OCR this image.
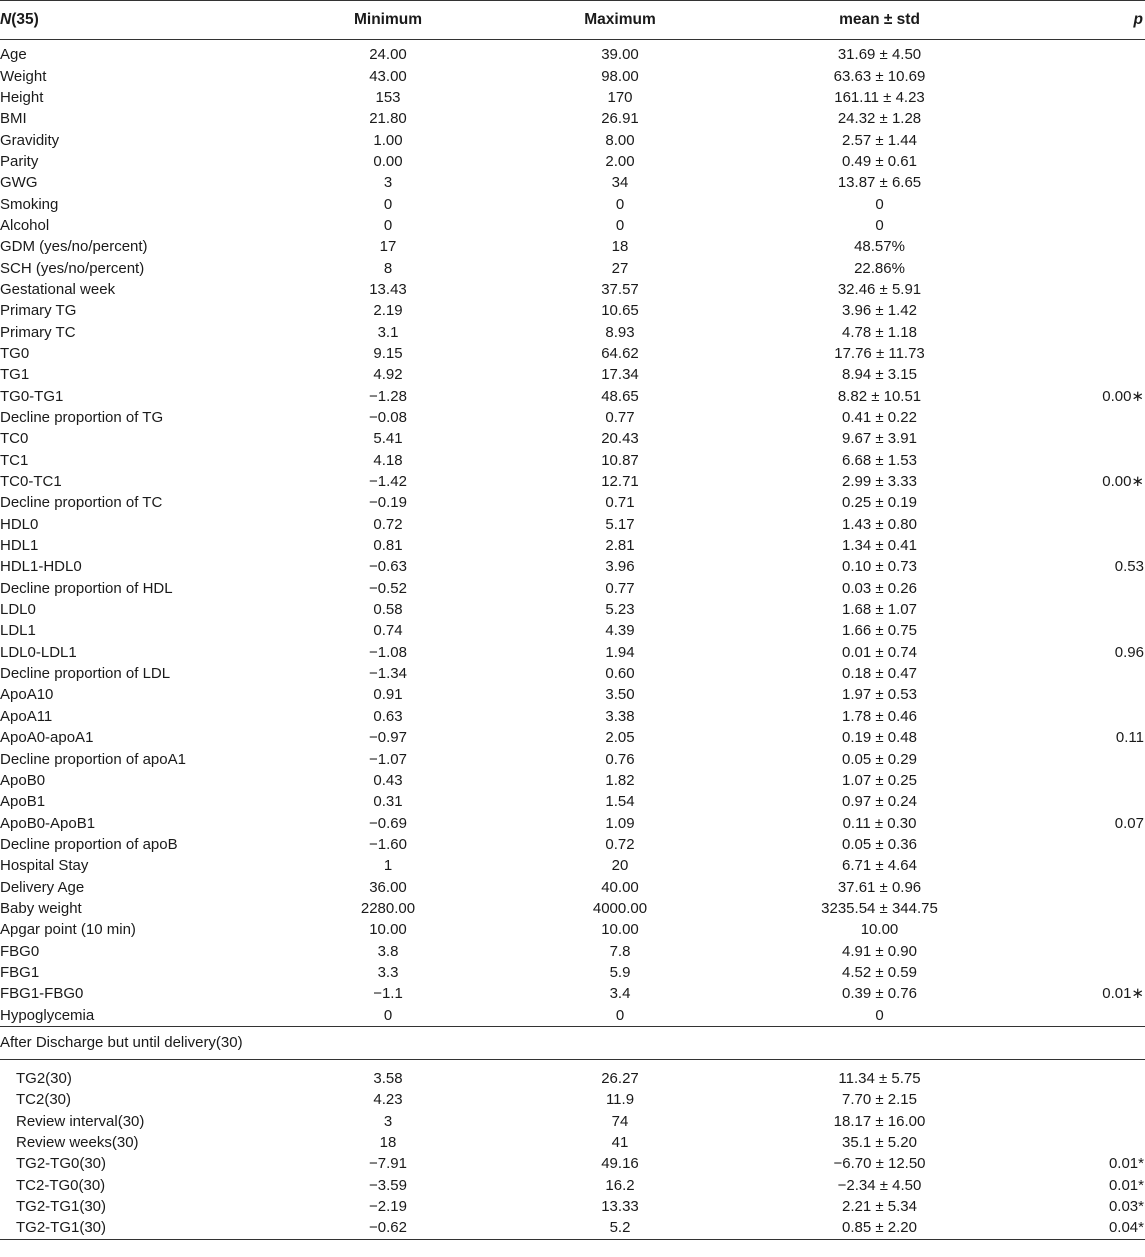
N(35)	Minimum	Maximum	mean ± std	p
Age	24.00	39.00	31.69 ± 4.50	
Weight	43.00	98.00	63.63 ± 10.69	
Height	153	170	161.11 ± 4.23	
BMI	21.80	26.91	24.32 ± 1.28	
Gravidity	1.00	8.00	2.57 ± 1.44	
Parity	0.00	2.00	0.49 ± 0.61	
GWG	3	34	13.87 ± 6.65	
Smoking	0	0	0	
Alcohol	0	0	0	
GDM (yes/no/percent)	17	18	48.57%	
SCH (yes/no/percent)	8	27	22.86%	
Gestational week	13.43	37.57	32.46 ± 5.91	
Primary TG	2.19	10.65	3.96 ± 1.42	
Primary TC	3.1	8.93	4.78 ± 1.18	
TG0	9.15	64.62	17.76 ± 11.73	
TG1	4.92	17.34	8.94 ± 3.15	
TG0-TG1	−1.28	48.65	8.82 ± 10.51	0.00∗
Decline proportion of TG	−0.08	0.77	0.41 ± 0.22	
TC0	5.41	20.43	9.67 ± 3.91	
TC1	4.18	10.87	6.68 ± 1.53	
TC0-TC1	−1.42	12.71	2.99 ± 3.33	0.00∗
Decline proportion of TC	−0.19	0.71	0.25 ± 0.19	
HDL0	0.72	5.17	1.43 ± 0.80	
HDL1	0.81	2.81	1.34 ± 0.41	
HDL1-HDL0	−0.63	3.96	0.10 ± 0.73	0.53
Decline proportion of HDL	−0.52	0.77	0.03 ± 0.26	
LDL0	0.58	5.23	1.68 ± 1.07	
LDL1	0.74	4.39	1.66 ± 0.75	
LDL0-LDL1	−1.08	1.94	0.01 ± 0.74	0.96
Decline proportion of LDL	−1.34	0.60	0.18 ± 0.47	
ApoA10	0.91	3.50	1.97 ± 0.53	
ApoA11	0.63	3.38	1.78 ± 0.46	
ApoA0-apoA1	−0.97	2.05	0.19 ± 0.48	0.11
Decline proportion of apoA1	−1.07	0.76	0.05 ± 0.29	
ApoB0	0.43	1.82	1.07 ± 0.25	
ApoB1	0.31	1.54	0.97 ± 0.24	
ApoB0-ApoB1	−0.69	1.09	0.11 ± 0.30	0.07
Decline proportion of apoB	−1.60	0.72	0.05 ± 0.36	
Hospital Stay	1	20	6.71 ± 4.64	
Delivery Age	36.00	40.00	37.61 ± 0.96	
Baby weight	2280.00	4000.00	3235.54 ± 344.75	
Apgar point (10 min)	10.00	10.00	10.00	
FBG0	3.8	7.8	4.91 ± 0.90	
FBG1	3.3	5.9	4.52 ± 0.59	
FBG1-FBG0	−1.1	3.4	0.39 ± 0.76	0.01∗
Hypoglycemia	0	0	0	
After Discharge but until delivery(30)				

TG2(30)	3.58	26.27	11.34 ± 5.75	
TC2(30)	4.23	11.9	7.70 ± 2.15	
Review interval(30)	3	74	18.17 ± 16.00	
Review weeks(30)	18	41	35.1 ± 5.20	
TG2-TG0(30)	−7.91	49.16	−6.70 ± 12.50	0.01*
TC2-TG0(30)	−3.59	16.2	−2.34 ± 4.50	0.01*
TG2-TG1(30)	−2.19	13.33	2.21 ± 5.34	0.03*
TG2-TG1(30)	−0.62	5.2	0.85 ± 2.20	0.04*
